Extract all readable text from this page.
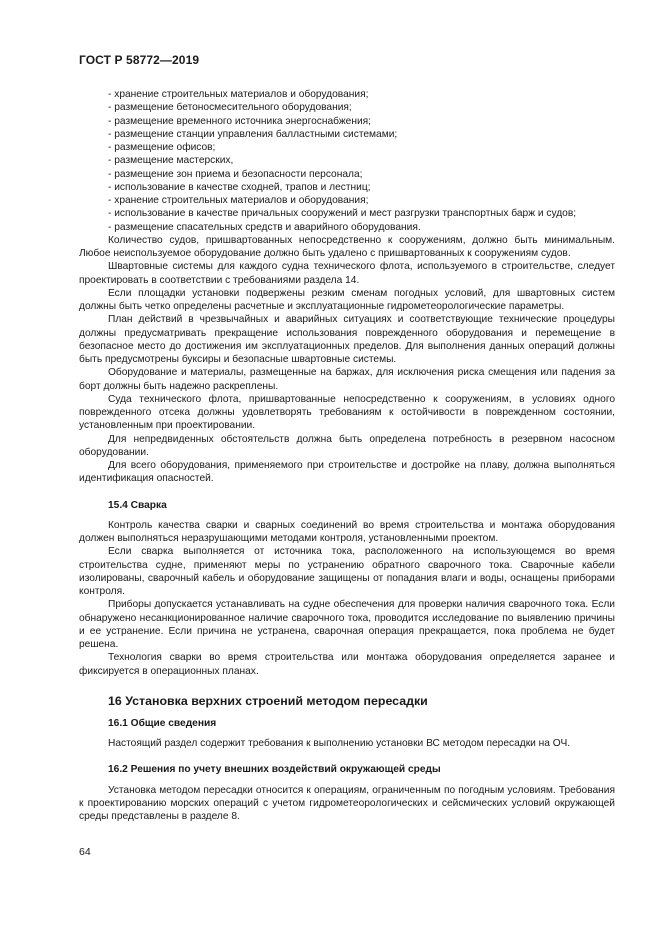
ГОСТ Р 58772—2019

- хранение строительных материалов и оборудования;

- размещение бетоносмесительного оборудования;

- размещение временного источника энергоснабжения;

- размещение станции управления балластными системами;

- размещение офисов;

- размещение мастерских,

- размещение зон приема и безопасности персонала;

- использование в качестве сходней, трапов и лестниц;

- хранение строительных материалов и оборудования;

- использование в качестве причальных сооружений и мест разгрузки транспортных барж и судов;

- размещение спасательных средств и аварийного оборудования.

Количество судов, пришвартованных непосредственно к сооружениям, должно быть минимальным. Любое неиспользуемое оборудование должно быть удалено с пришвартованных к сооружениям судов.

Швартовные системы для каждого судна технического флота, используемого в строительстве, следует проектировать в соответствии с требованиями раздела 14.

Если площадки установки подвержены резким сменам погодных условий, для швартовных систем должны быть четко определены расчетные и эксплуатационные гидрометеорологические параметры.

План действий в чрезвычайных и аварийных ситуациях и соответствующие технические процедуры должны предусматривать прекращение использования поврежденного оборудования и перемещение в безопасное место до достижения им эксплуатационных пределов. Для выполнения данных операций должны быть предусмотрены буксиры и безопасные швартовные системы.

Оборудование и материалы, размещенные на баржах, для исключения риска смещения или падения за борт должны быть надежно раскреплены.

Суда технического флота, пришвартованные непосредственно к сооружениям, в условиях одного поврежденного отсека должны удовлетворять требованиям к остойчивости в поврежденном состоянии, установленным при проектировании.

Для непредвиденных обстоятельств должна быть определена потребность в резервном насосном оборудовании.

Для всего оборудования, применяемого при строительстве и достройке на плаву, должна выполняться идентификация опасностей.

15.4 Сварка

Контроль качества сварки и сварных соединений во время строительства и монтажа оборудования должен выполняться неразрушающими методами контроля, установленными проектом.

Если сварка выполняется от источника тока, расположенного на использующемся во время строительства судне, применяют меры по устранению обратного сварочного тока. Сварочные кабели изолированы, сварочный кабель и оборудование защищены от попадания влаги и воды, оснащены приборами контроля.

Приборы допускается устанавливать на судне обеспечения для проверки наличия сварочного тока. Если обнаружено несанкционированное наличие сварочного тока, проводится исследование по выявлению причины и ее устранение. Если причина не устранена, сварочная операция прекращается, пока проблема не будет решена.

Технология сварки во время строительства или монтажа оборудования определяется заранее и фиксируется в операционных планах.

16 Установка верхних строений методом пересадки
16.1 Общие сведения

Настоящий раздел содержит требования к выполнению установки ВС методом пересадки на ОЧ.

16.2 Решения по учету внешних воздействий окружающей среды

Установка методом пересадки относится к операциям, ограниченным по погодным условиям. Требования к проектированию морских операций с учетом гидрометеорологических и сейсмических условий окружающей среды представлены в разделе 8.

64
